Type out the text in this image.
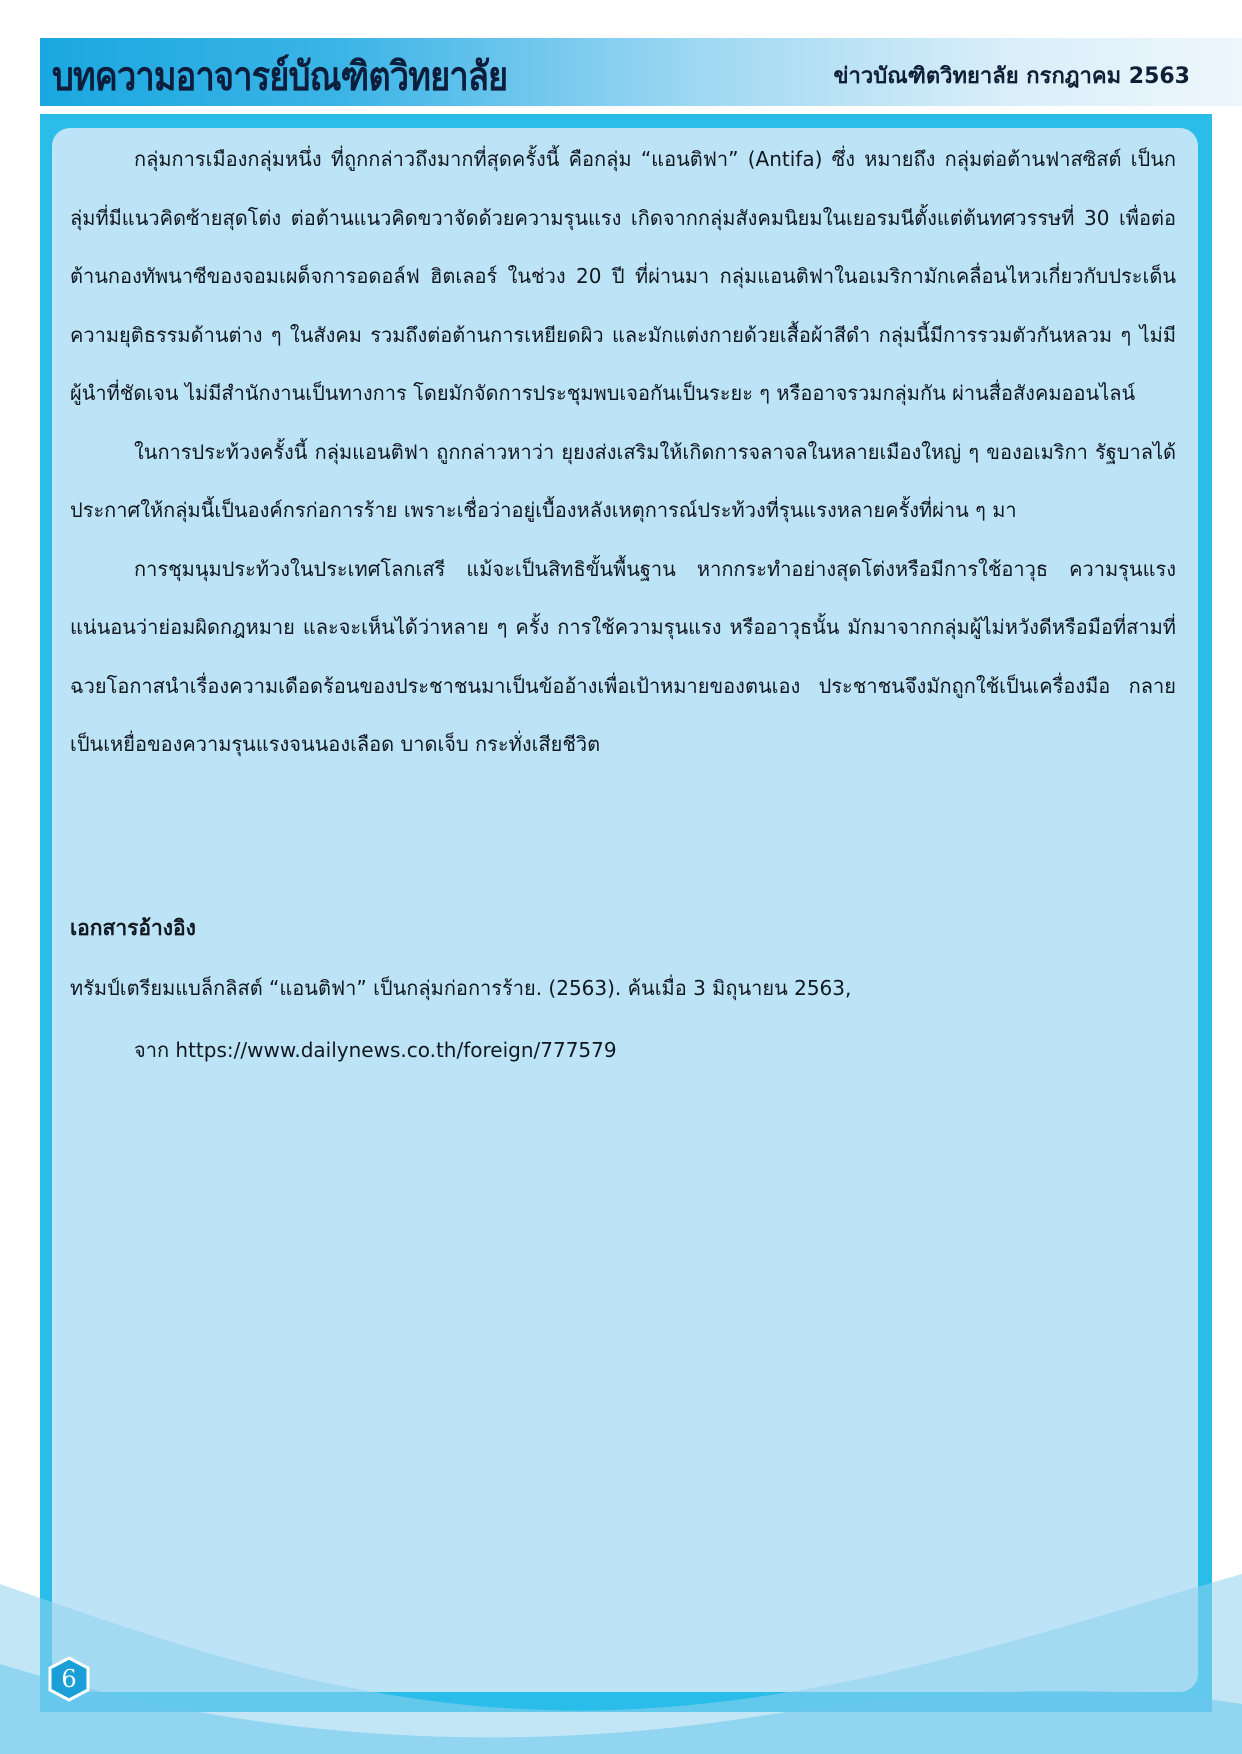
บทความอาจารย์บัณฑิตวิทยาลัย	ข่าวบัณฑิตวิทยาลัย กรกฎาคม 2563

กลุ่มการเมืองกลุ่มหนึ่ง ที่ถูกกล่าวถึงมากที่สุดครั้งนี้ คือกลุ่ม “แอนติฟา” (Antifa) ซึ่ง หมายถึง กลุ่มต่อต้านฟาสซิสต์ เป็นกลุ่มที่มีแนวคิดซ้ายสุดโต่ง ต่อต้านแนวคิดขวาจัดด้วยความรุนแรง เกิดจากกลุ่มสังคมนิยมในเยอรมนีตั้งแต่ต้นทศวรรษที่ 30 เพื่อต่อต้านกองทัพนาซีของจอมเผด็จการอดอล์ฟ ฮิตเลอร์ ในช่วง 20 ปี ที่ผ่านมา กลุ่มแอนติฟาในอเมริกามักเคลื่อนไหวเกี่ยวกับประเด็นความยุติธรรมด้านต่าง ๆ ในสังคม รวมถึงต่อต้านการเหยียดผิว และมักแต่งกายด้วยเสื้อผ้าสีดำ กลุ่มนี้มีการรวมตัวกันหลวม ๆ ไม่มีผู้นำที่ชัดเจน ไม่มีสำนักงานเป็นทางการ โดยมักจัดการประชุมพบเจอกันเป็นระยะ ๆ หรืออาจรวมกลุ่มกัน ผ่านสื่อสังคมออนไลน์

ในการประท้วงครั้งนี้ กลุ่มแอนติฟา ถูกกล่าวหาว่า ยุยงส่งเสริมให้เกิดการจลาจลในหลายเมืองใหญ่ ๆ ของอเมริกา รัฐบาลได้ประกาศให้กลุ่มนี้เป็นองค์กรก่อการร้าย เพราะเชื่อว่าอยู่เบื้องหลังเหตุการณ์ประท้วงที่รุนแรงหลายครั้งที่ผ่าน ๆ มา

การชุมนุมประท้วงในประเทศโลกเสรี แม้จะเป็นสิทธิขั้นพื้นฐาน หากกระทำอย่างสุดโต่งหรือมีการใช้อาวุธ ความรุนแรงแน่นอนว่าย่อมผิดกฎหมาย และจะเห็นได้ว่าหลาย ๆ ครั้ง การใช้ความรุนแรง หรืออาวุธนั้น มักมาจากกลุ่มผู้ไม่หวังดีหรือมือที่สามที่ฉวยโอกาสนำเรื่องความเดือดร้อนของประชาชนมาเป็นข้ออ้างเพื่อเป้าหมายของตนเอง ประชาชนจึงมักถูกใช้เป็นเครื่องมือ กลายเป็นเหยื่อของความรุนแรงจนนองเลือด บาดเจ็บ กระทั่งเสียชีวิต

เอกสารอ้างอิง
ทรัมป์เตรียมแบล็กลิสต์ “แอนติฟา” เป็นกลุ่มก่อการร้าย. (2563). ค้นเมื่อ 3 มิถุนายน 2563,
จาก https://www.dailynews.co.th/foreign/777579
6
